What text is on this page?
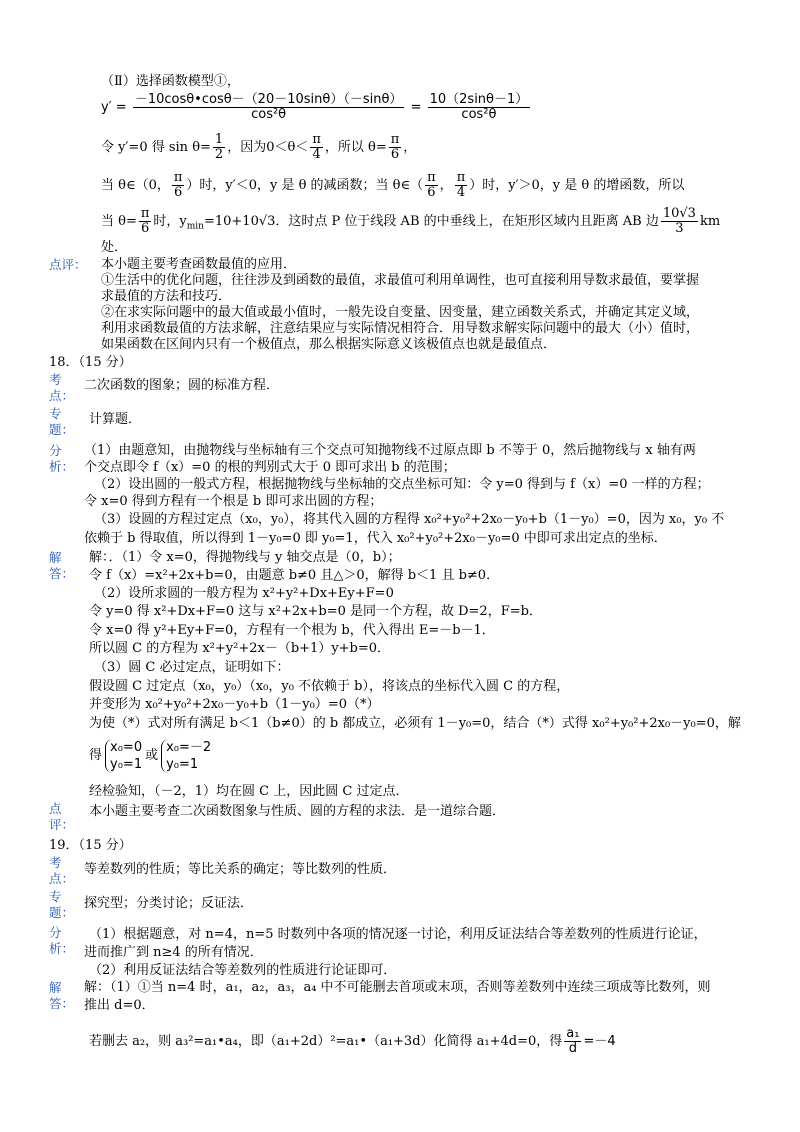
（Ⅱ）选择函数模型①，
$y' = \frac{-10\cos\theta•\cos\theta-(20-10\sin\theta)(-\sin\theta)}{\text{cos²θ}} = \frac{10(2\sin\theta-1)}{\text{cos²θ}}$
令 y′=0 得 $\sin \theta= \frac{1}{2}$ ，因为$0<\theta< \frac{\pi}{4}$ ，所以 $\theta= \frac{\pi}{6}$ ，
当 θ∈（0， $\frac{\pi}{6}$ ）时，y′＜0，y 是 θ 的减函数；当 θ∈（ $\frac{\pi}{6}$ ， $\frac{\pi}{4}$ ）时，y′＞0，y 是 θ 的增函数，所以
当 $\theta= \frac{\pi}{6}$ 时，$y_{min}=10+10√3$．这时点 P 位于线段 AB 的中垂线上，在矩形区域内且距离 AB 边 $\frac{10√3}{3}$ km
处．
点评： 本小题主要考查函数最值的应用．
①生活中的优化问题，往往涉及到函数的最值，求最值可利用单调性，也可直接利用导数求最值，要掌握
求最值的方法和技巧．
②在求实际问题中的最大值或最小值时，一般先设自变量、因变量，建立函数关系式，并确定其定义域，
利用求函数最值的方法求解，注意结果应与实际情况相符合．用导数求解实际问题中的最大（小）值时，
如果函数在区间内只有一个极值点，那么根据实际意义该极值点也就是最值点．
18．（15 分）
考点：
二次函数的图象；圆的标准方程．
专题：
计算题．
分析：
（1）由题意知，由抛物线与坐标轴有三个交点可知抛物线不过原点即 b 不等于 0，然后抛物线与 x 轴有两
个交点即令 f（x）=0 的根的判别式大于 0 即可求出 b 的范围；
（2）设出圆的一般式方程，根据抛物线与坐标轴的交点坐标可知：令 y=0 得到与 f（x）=0 一样的方程；
令 x=0 得到方程有一个根是 b 即可求出圆的方程；
（3）设圆的方程过定点（x₀，y₀），将其代入圆的方程得 x₀²+y₀²+2x₀－y₀+b（1－y₀）=0，因为 x₀，y₀ 不
依赖于 b 得取值，所以得到 1－y₀=0 即 y₀=1，代入 x₀²+y₀²+2x₀－y₀=0 中即可求出定点的坐标．
解答：
解：．（1）令 x=0，得抛物线与 y 轴交点是（0，b）；
令 f（x）=x²+2x+b=0，由题意 b≠0 且△＞0，解得 b＜1 且 b≠0．
（2）设所求圆的一般方程为 x²+y²+Dx+Ey+F=0
令 y=0 得 x²+Dx+F=0 这与 x²+2x+b=0 是同一个方程，故 D=2，F=b．
令 x=0 得 y²+Ey+F=0，方程有一个根为 b，代入得出 E=－b－1．
所以圆 C 的方程为 x²+y²+2x－（b+1）y+b=0．
（3）圆 C 必过定点，证明如下：
假设圆 C 过定点（x₀，y₀）（x₀，y₀ 不依赖于 b），将该点的坐标代入圆 C 的方程，
并变形为 x₀²+y₀²+2x₀－y₀+b（1－y₀）=0（*）
为使（*）式对所有满足 b＜1（b≠0）的 b 都成立，必须有 1－y₀=0，结合（*）式得 x₀²+y₀²+2x₀－y₀=0，解
得x₀=0
y₀=1或x₀=－2
y₀=1
经检验知，（－2，1）均在圆 C 上，因此圆 C 过定点．
点评：
本小题主要考查二次函数图象与性质、圆的方程的求法．是一道综合题．
19．（15 分）
考点：
等差数列的性质；等比关系的确定；等比数列的性质．
专题：
探究型；分类讨论；反证法．
分析：
（1）根据题意，对 n=4，n=5 时数列中各项的情况逐一讨论，利用反证法结合等差数列的性质进行论证，
进而推广到 n≥4 的所有情况．
（2）利用反证法结合等差数列的性质进行论证即可．
解答：
解：（1）①当 n=4 时，a₁，a₂，a₃，a₄ 中不可能删去首项或末项，否则等差数列中连续三项成等比数列，则
推出 d=0．
若删去 a₂，则 a₃²=a₁•a₄，即（a₁+2d）²=a₁•（a₁+3d）化简得 a₁+4d=0，得 $\frac{\text{a₁}}{d} =-4$
